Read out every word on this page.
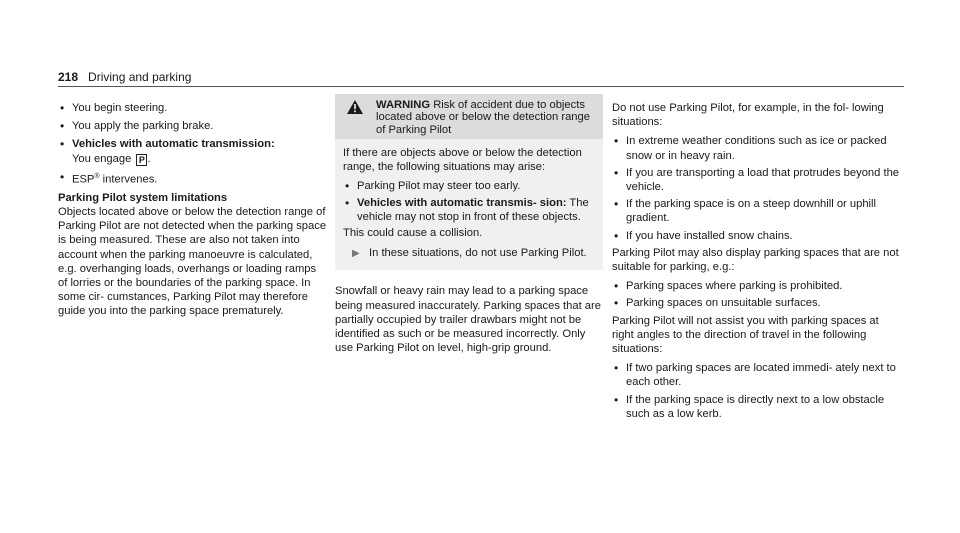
218 Driving and parking
• You begin steering.
• You apply the parking brake.
• Vehicles with automatic transmission:
You engage P .
• ESP® intervenes.
Parking Pilot system limitations
Objects located above or below the detection range of Parking Pilot are not detected when the parking space is being measured. These are also not taken into account when the parking manoeuvre is calculated, e.g. overhanging loads, overhangs or loading ramps of lorries or the boundaries of the parking space. In some cir- cumstances, Parking Pilot may therefore guide you into the parking space prematurely.
WARNING Risk of accident due to objects located above or below the detection range of Parking Pilot

If there are objects above or below the detection range, the following situations may arise:

• Parking Pilot may steer too early.
• Vehicles with automatic transmis- sion: The vehicle may not stop in front of these objects.

This could cause a collision.

▶ In these situations, do not use Parking Pilot.
Snowfall or heavy rain may lead to a parking space being measured inaccurately. Parking spaces that are partially occupied by trailer drawbars might not be identified as such or be measured incorrectly. Only use Parking Pilot on level, high-grip ground.

Do not use Parking Pilot, for example, in the fol- lowing situations:

• In extreme weather conditions such as ice or packed snow or in heavy rain.
• If you are transporting a load that protrudes beyond the vehicle.
• If the parking space is on a steep downhill or uphill gradient.
• If you have installed snow chains.

Parking Pilot may also display parking spaces that are not suitable for parking, e.g.:

• Parking spaces where parking is prohibited.
• Parking spaces on unsuitable surfaces.

Parking Pilot will not assist you with parking spaces at right angles to the direction of travel in the following situations:

• If two parking spaces are located immedi- ately next to each other.
• If the parking space is directly next to a low obstacle such as a low kerb.
